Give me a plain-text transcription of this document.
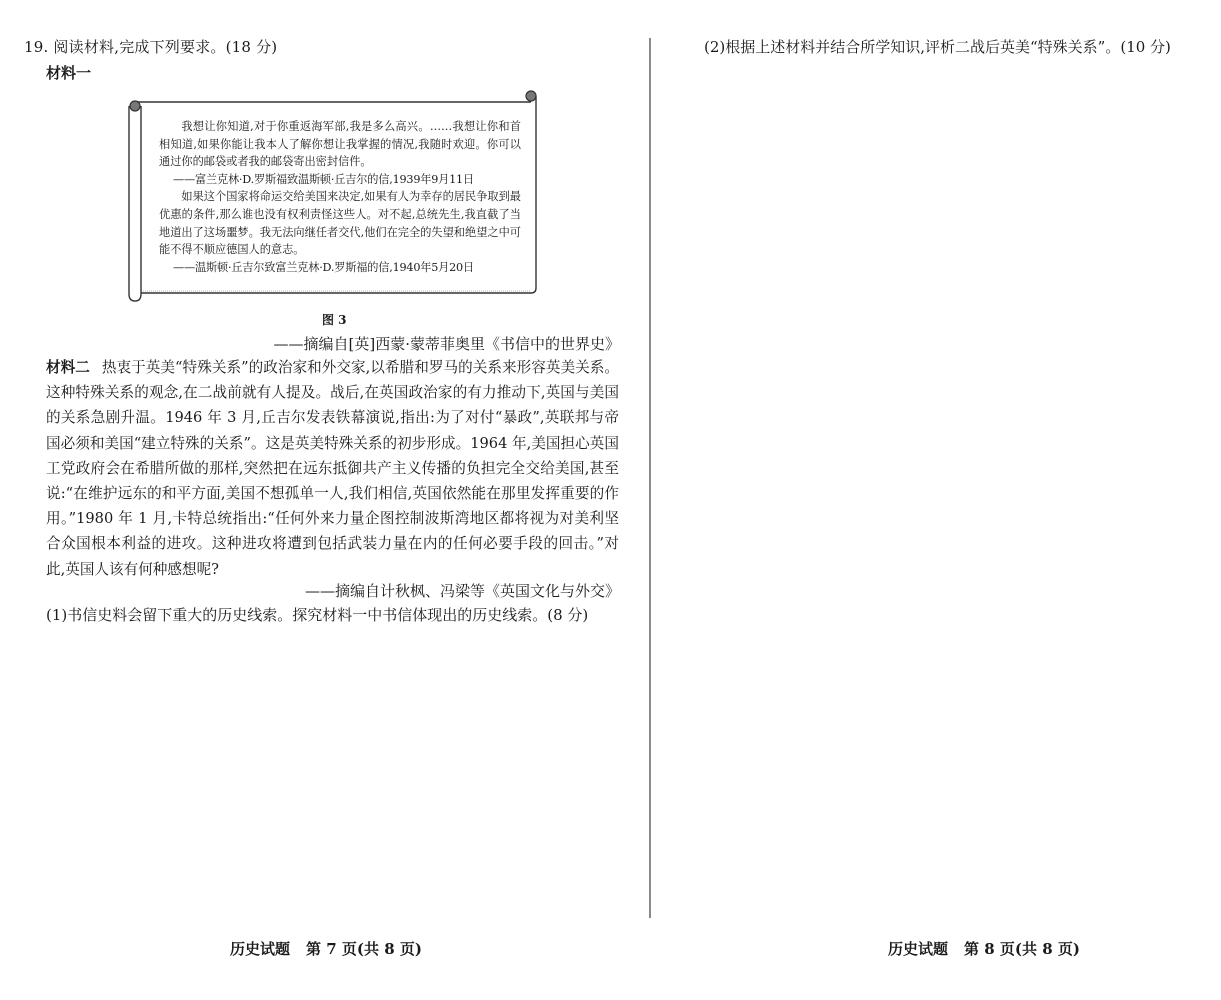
19. 阅读材料,完成下列要求。(18 分)
材料一

我想让你知道,对于你重返海军部,我是多么高兴。……我想让你和首相知道,如果你能让我本人了解你想让我掌握的情况,我随时欢迎。你可以通过你的邮袋或者我的邮袋寄出密封信件。

——富兰克林·D.罗斯福致温斯顿·丘吉尔的信,1939年9月11日

如果这个国家将命运交给美国来决定,如果有人为幸存的居民争取到最优惠的条件,那么谁也没有权利责怪这些人。对不起,总统先生,我直截了当地道出了这场噩梦。我无法向继任者交代,他们在完全的失望和绝望之中可能不得不顺应德国人的意志。

——温斯顿·丘吉尔致富兰克林·D.罗斯福的信,1940年5月20日

图 3
——摘编自[英]西蒙·蒙蒂菲奥里《书信中的世界史》
材料二 热衷于英美“特殊关系”的政治家和外交家,以希腊和罗马的关系来形容英美关系。这种特殊关系的观念,在二战前就有人提及。战后,在英国政治家的有力推动下,英国与美国的关系急剧升温。1946 年 3 月,丘吉尔发表铁幕演说,指出:为了对付“暴政”,英联邦与帝国必须和美国“建立特殊的关系”。这是英美特殊关系的初步形成。1964 年,美国担心英国工党政府会在希腊所做的那样,突然把在远东抵御共产主义传播的负担完全交给美国,甚至说:“在维护远东的和平方面,美国不想孤单一人,我们相信,英国依然能在那里发挥重要的作用。”1980 年 1 月,卡特总统指出:“任何外来力量企图控制波斯湾地区都将视为对美利坚合众国根本利益的进攻。这种进攻将遭到包括武装力量在内的任何必要手段的回击。”对此,英国人该有何种感想呢?
——摘编自计秋枫、冯梁等《英国文化与外交》
(1)书信史料会留下重大的历史线索。探究材料一中书信体现出的历史线索。(8 分)
历史试题 第 7 页(共 8 页)	历史试题 第 8 页(共 8 页)
(2)根据上述材料并结合所学知识,评析二战后英美“特殊关系”。(10 分)
